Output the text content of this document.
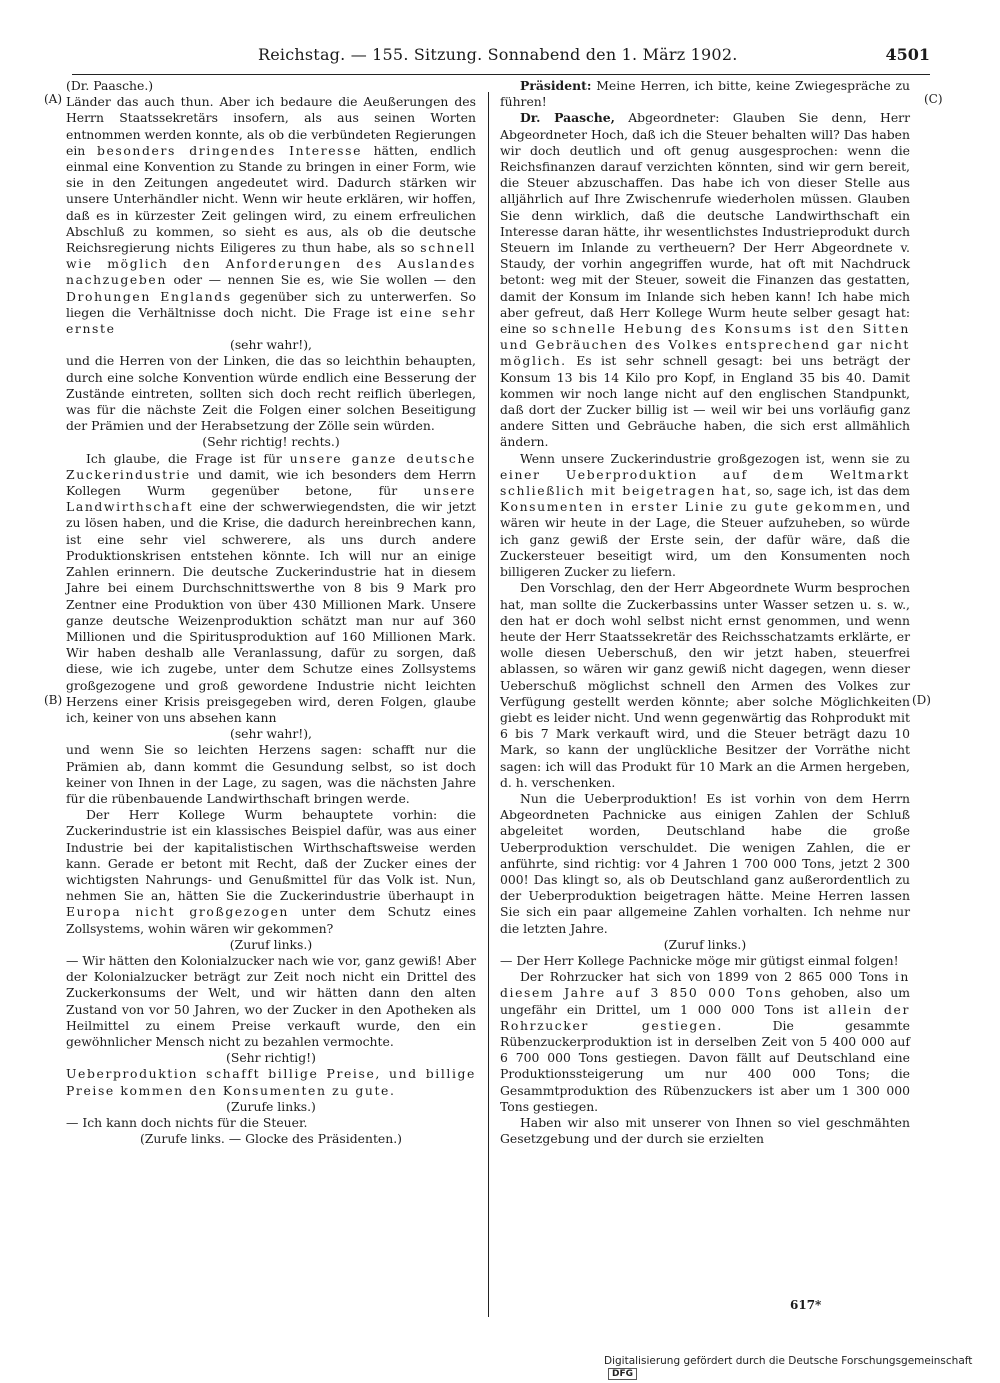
Reichstag. — 155. Sitzung. Sonnabend den 1. März 1902.	4501
(A)
(B)
(C)
(D)

(Dr. Paasche.)

Länder das auch thun. Aber ich bedaure die Aeußerungen des Herrn Staatssekretärs insofern, als aus seinen Worten entnommen werden konnte, als ob die verbündeten Regierungen ein besonders dringendes Interesse hätten, endlich einmal eine Konvention zu Stande zu bringen in einer Form, wie sie in den Zeitungen angedeutet wird. Dadurch stärken wir unsere Unterhändler nicht. Wenn wir heute erklären, wir hoffen, daß es in kürzester Zeit gelingen wird, zu einem erfreulichen Abschluß zu kommen, so sieht es aus, als ob die deutsche Reichsregierung nichts Eiligeres zu thun habe, als so schnell wie möglich den Anforderungen des Auslandes nachzugeben oder — nennen Sie es, wie Sie wollen — den Drohungen Englands gegenüber sich zu unterwerfen. So liegen die Verhältnisse doch nicht. Die Frage ist eine sehr ernste

(sehr wahr!),

und die Herren von der Linken, die das so leichthin behaupten, durch eine solche Konvention würde endlich eine Besserung der Zustände eintreten, sollten sich doch recht reiflich überlegen, was für die nächste Zeit die Folgen einer solchen Beseitigung der Prämien und der Herabsetzung der Zölle sein würden.

(Sehr richtig! rechts.)

Ich glaube, die Frage ist für unsere ganze deutsche Zuckerindustrie und damit, wie ich besonders dem Herrn Kollegen Wurm gegenüber betone, für unsere Landwirthschaft eine der schwerwiegendsten, die wir jetzt zu lösen haben, und die Krise, die dadurch hereinbrechen kann, ist eine sehr viel schwerere, als uns durch andere Produktionskrisen entstehen könnte. Ich will nur an einige Zahlen erinnern. Die deutsche Zuckerindustrie hat in diesem Jahre bei einem Durchschnittswerthe von 8 bis 9 Mark pro Zentner eine Produktion von über 430 Millionen Mark. Unsere ganze deutsche Weizenproduktion schätzt man nur auf 360 Millionen und die Spiritusproduktion auf 160 Millionen Mark. Wir haben deshalb alle Veranlassung, dafür zu sorgen, daß diese, wie ich zugebe, unter dem Schutze eines Zollsystems großgezogene und groß gewordene Industrie nicht leichten Herzens einer Krisis preisgegeben wird, deren Folgen, glaube ich, keiner von uns absehen kann

(sehr wahr!),

und wenn Sie so leichten Herzens sagen: schafft nur die Prämien ab, dann kommt die Gesundung selbst, so ist doch keiner von Ihnen in der Lage, zu sagen, was die nächsten Jahre für die rübenbauende Landwirthschaft bringen werde.

Der Herr Kollege Wurm behauptete vorhin: die Zuckerindustrie ist ein klassisches Beispiel dafür, was aus einer Industrie bei der kapitalistischen Wirthschaftsweise werden kann. Gerade er betont mit Recht, daß der Zucker eines der wichtigsten Nahrungs- und Genußmittel für das Volk ist. Nun, nehmen Sie an, hätten Sie die Zuckerindustrie überhaupt in Europa nicht großgezogen unter dem Schutz eines Zollsystems, wohin wären wir gekommen?

(Zuruf links.)

— Wir hätten den Kolonialzucker nach wie vor, ganz gewiß! Aber der Kolonialzucker beträgt zur Zeit noch nicht ein Drittel des Zuckerkonsums der Welt, und wir hätten dann den alten Zustand von vor 50 Jahren, wo der Zucker in den Apotheken als Heilmittel zu einem Preise verkauft wurde, den ein gewöhnlicher Mensch nicht zu bezahlen vermochte.

(Sehr richtig!)

Ueberproduktion schafft billige Preise, und billige Preise kommen den Konsumenten zu gute.

(Zurufe links.)

— Ich kann doch nichts für die Steuer.

(Zurufe links. — Glocke des Präsidenten.)

Präsident: Meine Herren, ich bitte, keine Zwiegespräche zu führen!

Dr. Paasche, Abgeordneter: Glauben Sie denn, Herr Abgeordneter Hoch, daß ich die Steuer behalten will? Das haben wir doch deutlich und oft genug ausgesprochen: wenn die Reichsfinanzen darauf verzichten könnten, sind wir gern bereit, die Steuer abzuschaffen. Das habe ich von dieser Stelle aus alljährlich auf Ihre Zwischenrufe wiederholen müssen. Glauben Sie denn wirklich, daß die deutsche Landwirthschaft ein Interesse daran hätte, ihr wesentlichstes Industrieprodukt durch Steuern im Inlande zu vertheuern? Der Herr Abgeordnete v. Staudy, der vorhin angegriffen wurde, hat oft mit Nachdruck betont: weg mit der Steuer, soweit die Finanzen das gestatten, damit der Konsum im Inlande sich heben kann! Ich habe mich aber gefreut, daß Herr Kollege Wurm heute selber gesagt hat: eine so schnelle Hebung des Konsums ist den Sitten und Gebräuchen des Volkes entsprechend gar nicht möglich. Es ist sehr schnell gesagt: bei uns beträgt der Konsum 13 bis 14 Kilo pro Kopf, in England 35 bis 40. Damit kommen wir noch lange nicht auf den englischen Standpunkt, daß dort der Zucker billig ist — weil wir bei uns vorläufig ganz andere Sitten und Gebräuche haben, die sich erst allmählich ändern.

Wenn unsere Zuckerindustrie großgezogen ist, wenn sie zu einer Ueberproduktion auf dem Weltmarkt schließlich mit beigetragen hat, so, sage ich, ist das dem Konsumenten in erster Linie zu gute gekommen, und wären wir heute in der Lage, die Steuer aufzuheben, so würde ich ganz gewiß der Erste sein, der dafür wäre, daß die Zuckersteuer beseitigt wird, um den Konsumenten noch billigeren Zucker zu liefern.

Den Vorschlag, den der Herr Abgeordnete Wurm besprochen hat, man sollte die Zuckerbassins unter Wasser setzen u. s. w., den hat er doch wohl selbst nicht ernst genommen, und wenn heute der Herr Staatssekretär des Reichsschatzamts erklärte, er wolle diesen Ueberschuß, den wir jetzt haben, steuerfrei ablassen, so wären wir ganz gewiß nicht dagegen, wenn dieser Ueberschuß möglichst schnell den Armen des Volkes zur Verfügung gestellt werden könnte; aber solche Möglichkeiten giebt es leider nicht. Und wenn gegenwärtig das Rohprodukt mit 6 bis 7 Mark verkauft wird, und die Steuer beträgt dazu 10 Mark, so kann der unglückliche Besitzer der Vorräthe nicht sagen: ich will das Produkt für 10 Mark an die Armen hergeben, d. h. verschenken.

Nun die Ueberproduktion! Es ist vorhin von dem Herrn Abgeordneten Pachnicke aus einigen Zahlen der Schluß abgeleitet worden, Deutschland habe die große Ueberproduktion verschuldet. Die wenigen Zahlen, die er anführte, sind richtig: vor 4 Jahren 1 700 000 Tons, jetzt 2 300 000! Das klingt so, als ob Deutschland ganz außerordentlich zu der Ueberproduktion beigetragen hätte. Meine Herren lassen Sie sich ein paar allgemeine Zahlen vorhalten. Ich nehme nur die letzten Jahre.

(Zuruf links.)

— Der Herr Kollege Pachnicke möge mir gütigst einmal folgen!

Der Rohrzucker hat sich von 1899 von 2 865 000 Tons in diesem Jahre auf 3 850 000 Tons gehoben, also um ungefähr ein Drittel, um 1 000 000 Tons ist allein der Rohrzucker gestiegen. Die gesammte Rübenzuckerproduktion ist in derselben Zeit von 5 400 000 auf 6 700 000 Tons gestiegen. Davon fällt auf Deutschland eine Produktionssteigerung um nur 400 000 Tons; die Gesammtproduktion des Rübenzuckers ist aber um 1 300 000 Tons gestiegen.

Haben wir also mit unserer von Ihnen so viel geschmähten Gesetzgebung und der durch sie erzielten

617*
Digitalisierung gefördert durch die Deutsche ForschungsgemeinschaftDFG
